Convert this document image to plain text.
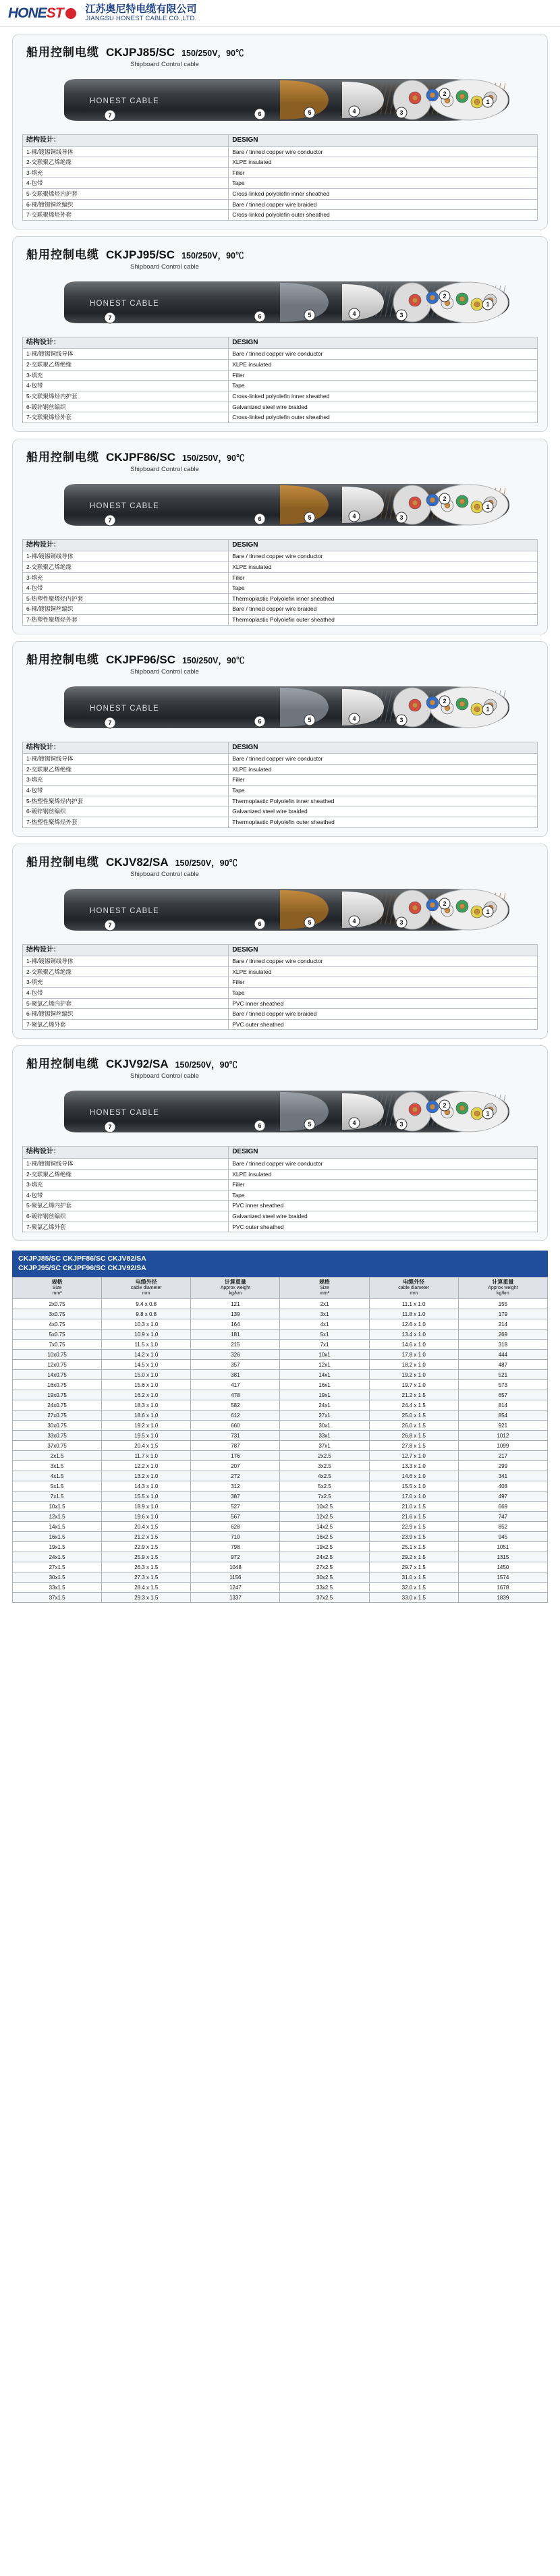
HONEST 江苏奥尼特电缆有限公司
JIANGSU HONEST CABLE CO.,LTD.
船用控制电缆 CKJPJ85/SC 150/250V，90℃
Shipboard Control cable
HONEST CABLE
7	6	5	4	3
2
1
结构设计：	DESIGN
1-裸/镀锡铜线导体	Bare / tinned copper wire conductor
2-交联聚乙烯绝缘	XLPE insulated
3-填充	Filler
4-包带	Tape
5-交联聚烯烃内护套	Cross-linked polyolefin inner sheathed
6-裸/镀锡铜丝编织	Bare / tinned copper wire braided
7-交联聚烯烃外套	Cross-linked polyolefin outer sheathed
船用控制电缆 CKJPJ95/SC 150/250V，90℃
Shipboard Control cable
HONEST CABLE
7	6	5	4	3
2
1
结构设计：	DESIGN
1-裸/镀锡铜线导体	Bare / tinned copper wire conductor
2-交联聚乙烯绝缘	XLPE insulated
3-填充	Filler
4-包带	Tape
5-交联聚烯烃内护套	Cross-linked polyolefin inner sheathed
6-镀锌钢丝编织	Galvanized steel wire braided
7-交联聚烯烃外套	Cross-linked polyolefin outer sheathed
船用控制电缆 CKJPF86/SC 150/250V，90℃
Shipboard Control cable
HONEST CABLE
7	6	5	4	3
2
1
结构设计：	DESIGN
1-裸/镀锡铜线导体	Bare / tinned copper wire conductor
2-交联聚乙烯绝缘	XLPE insulated
3-填充	Filler
4-包带	Tape
5-热塑性聚烯烃内护套	Thermoplastic Polyolefin inner sheathed
6-裸/镀锡铜丝编织	Bare / tinned copper wire braided
7-热塑性聚烯烃外套	Thermoplastic Polyolefin outer sheathed
船用控制电缆 CKJPF96/SC 150/250V，90℃
Shipboard Control cable
HONEST CABLE
7	6	5	4	3
2
1
结构设计：	DESIGN
1-裸/镀锡铜线导体	Bare / tinned copper wire conductor
2-交联聚乙烯绝缘	XLPE insulated
3-填充	Filler
4-包带	Tape
5-热塑性聚烯烃内护套	Thermoplastic Polyolefin inner sheathed
6-镀锌钢丝编织	Galvanized steel wire braided
7-热塑性聚烯烃外套	Thermoplastic Polyolefin outer sheathed
船用控制电缆 CKJV82/SA 150/250V，90℃
Shipboard Control cable
HONEST CABLE
7	6	5	4	3
2
1
结构设计：	DESIGN
1-裸/镀锡铜线导体	Bare / tinned copper wire conductor
2-交联聚乙烯绝缘	XLPE insulated
3-填充	Filler
4-包带	Tape
5-聚氯乙烯内护套	PVC inner sheathed
6-裸/镀锡铜丝编织	Bare / tinned copper wire braided
7-聚氯乙烯外套	PVC outer sheathed
船用控制电缆 CKJV92/SA 150/250V，90℃
Shipboard Control cable
HONEST CABLE
7	6	5	4	3
2
1
结构设计：	DESIGN
1-裸/镀锡铜线导体	Bare / tinned copper wire conductor
2-交联聚乙烯绝缘	XLPE insulated
3-填充	Filler
4-包带	Tape
5-聚氯乙烯内护套	PVC inner sheathed
6-镀锌钢丝编织	Galvanized steel wire braided
7-聚氯乙烯外套	PVC outer sheathed
CKJPJ85/SC CKJPF86/SC CKJV82/SA
CKJPJ95/SC CKJPF96/SC CKJV92/SA
规格
Size
mm²	电缆外径
cable diameter
mm	计算重量
Approx weight
kg/km	规格
Size
mm²	电缆外径
cable diameter
mm	计算重量
Approx weight
kg/km

2x0.75	9.4 x 0.8	121	2x1	11.1 x 1.0	155
3x0.75	9.8 x 0.8	139	3x1	11.8 x 1.0	179
4x0.75	10.3 x 1.0	164	4x1	12.6 x 1.0	214
5x0.75	10.9 x 1.0	181	5x1	13.4 x 1.0	269
7x0.75	11.5 x 1.0	215	7x1	14.6 x 1.0	318
10x0.75	14.2 x 1.0	326	10x1	17.8 x 1.0	444
12x0.75	14.5 x 1.0	357	12x1	18.2 x 1.0	487
14x0.75	15.0 x 1.0	381	14x1	19.2 x 1.0	521
16x0.75	15.6 x 1.0	417	16x1	19.7 x 1.0	573
19x0.75	16.2 x 1.0	478	19x1	21.2 x 1.5	657
24x0.75	18.3 x 1.0	582	24x1	24.4 x 1.5	814
27x0.75	18.6 x 1.0	612	27x1	25.0 x 1.5	854
30x0.75	19.2 x 1.0	660	30x1	26.0 x 1.5	921
33x0.75	19.5 x 1.0	731	33x1	26.8 x 1.5	1012
37x0.75	20.4 x 1.5	787	37x1	27.8 x 1.5	1099
2x1.5	11.7 x 1.0	176	2x2.5	12.7 x 1.0	217
3x1.5	12.2 x 1.0	207	3x2.5	13.3 x 1.0	299
4x1.5	13.2 x 1.0	272	4x2.5	14.6 x 1.0	341
5x1.5	14.3 x 1.0	312	5x2.5	15.5 x 1.0	408
7x1.5	15.5 x 1.0	387	7x2.5	17.0 x 1.0	497
10x1.5	18.9 x 1.0	527	10x2.5	21.0 x 1.5	669
12x1.5	19.6 x 1.0	567	12x2.5	21.6 x 1.5	747
14x1.5	20.4 x 1.5	628	14x2.5	22.9 x 1.5	852
16x1.5	21.2 x 1.5	710	16x2.5	23.9 x 1.5	945
19x1.5	22.9 x 1.5	798	19x2.5	25.1 x 1.5	1051
24x1.5	25.9 x 1.5	972	24x2.5	29.2 x 1.5	1315
27x1.5	26.3 x 1.5	1048	27x2.5	29.7 x 1.5	1450
30x1.5	27.3 x 1.5	1156	30x2.5	31.0 x 1.5	1574
33x1.5	28.4 x 1.5	1247	33x2.5	32.0 x 1.5	1678
37x1.5	29.3 x 1.5	1337	37x2.5	33.0 x 1.5	1839
